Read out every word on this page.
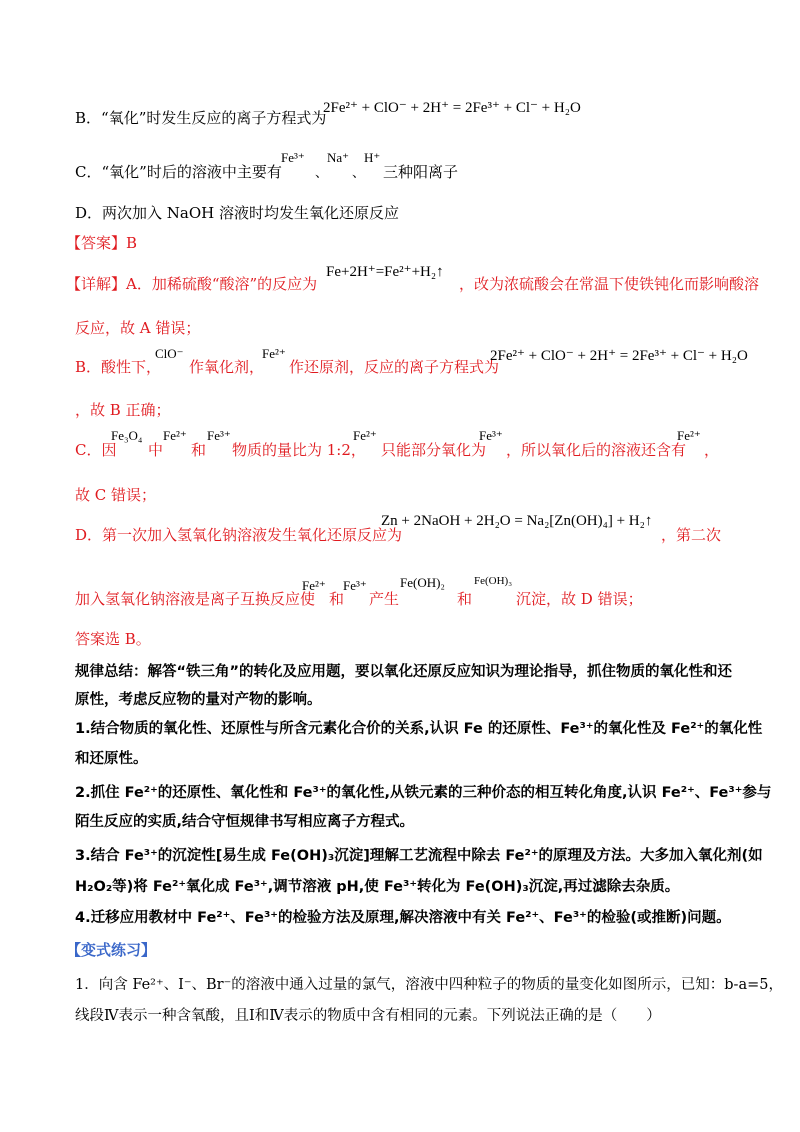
B．“氧化”时发生反应的离子方程式为
2Fe²⁺ + ClO⁻ + 2H⁺ = 2Fe³⁺ + Cl⁻ + H₂O
C．“氧化”时后的溶液中主要有
Fe³⁺
、
Na⁺
、
H⁺
三种阳离子
D．两次加入 NaOH 溶液时均发生氧化还原反应
【答案】B
【详解】A．加稀硫酸“酸溶”的反应为
Fe+2H⁺=Fe²⁺+H₂↑
，改为浓硫酸会在常温下使铁钝化而影响酸溶
反应，故 A 错误；
B．酸性下，
ClO⁻
作氧化剂，
Fe²⁺
作还原剂，反应的离子方程式为
2Fe²⁺ + ClO⁻ + 2H⁺ = 2Fe³⁺ + Cl⁻ + H₂O
，故 B 正确；
C．因
Fe₃O₄
中
Fe²⁺
和
Fe³⁺
物质的量比为 1:2，
Fe²⁺
只能部分氧化为
Fe³⁺
，所以氧化后的溶液还含有
Fe²⁺
，
故 C 错误；
D．第一次加入氢氧化钠溶液发生氧化还原反应为
Zn + 2NaOH + 2H₂O = Na₂[Zn(OH)₄] + H₂↑
，第二次
加入氢氧化钠溶液是离子互换反应使
Fe²⁺
和
Fe³⁺
产生
Fe(OH)₂
和
Fe(OH)₃
沉淀，故 D 错误；
答案选 B。
规律总结：解答“铁三角”的转化及应用题，要以氧化还原反应知识为理论指导，抓住物质的氧化性和还
原性，考虑反应物的量对产物的影响。
1.结合物质的氧化性、还原性与所含元素化合价的关系,认识 Fe 的还原性、Fe³⁺的氧化性及 Fe²⁺的氧化性
和还原性。
2.抓住 Fe²⁺的还原性、氧化性和 Fe³⁺的氧化性,从铁元素的三种价态的相互转化角度,认识 Fe²⁺、Fe³⁺参与
陌生反应的实质,结合守恒规律书写相应离子方程式。
3.结合 Fe³⁺的沉淀性[易生成 Fe(OH)₃沉淀]理解工艺流程中除去 Fe²⁺的原理及方法。大多加入氧化剂(如
H₂O₂等)将 Fe²⁺氧化成 Fe³⁺,调节溶液 pH,使 Fe³⁺转化为 Fe(OH)₃沉淀,再过滤除去杂质。
4.迁移应用教材中 Fe²⁺、Fe³⁺的检验方法及原理,解决溶液中有关 Fe²⁺、Fe³⁺的检验(或推断)问题。
【变式练习】
1．向含 Fe²⁺、I⁻、Br⁻的溶液中通入过量的氯气，溶液中四种粒子的物质的量变化如图所示，已知：b-a=5，
线段Ⅳ表示一种含氧酸，且Ⅰ和Ⅳ表示的物质中含有相同的元素。下列说法正确的是（　　）
